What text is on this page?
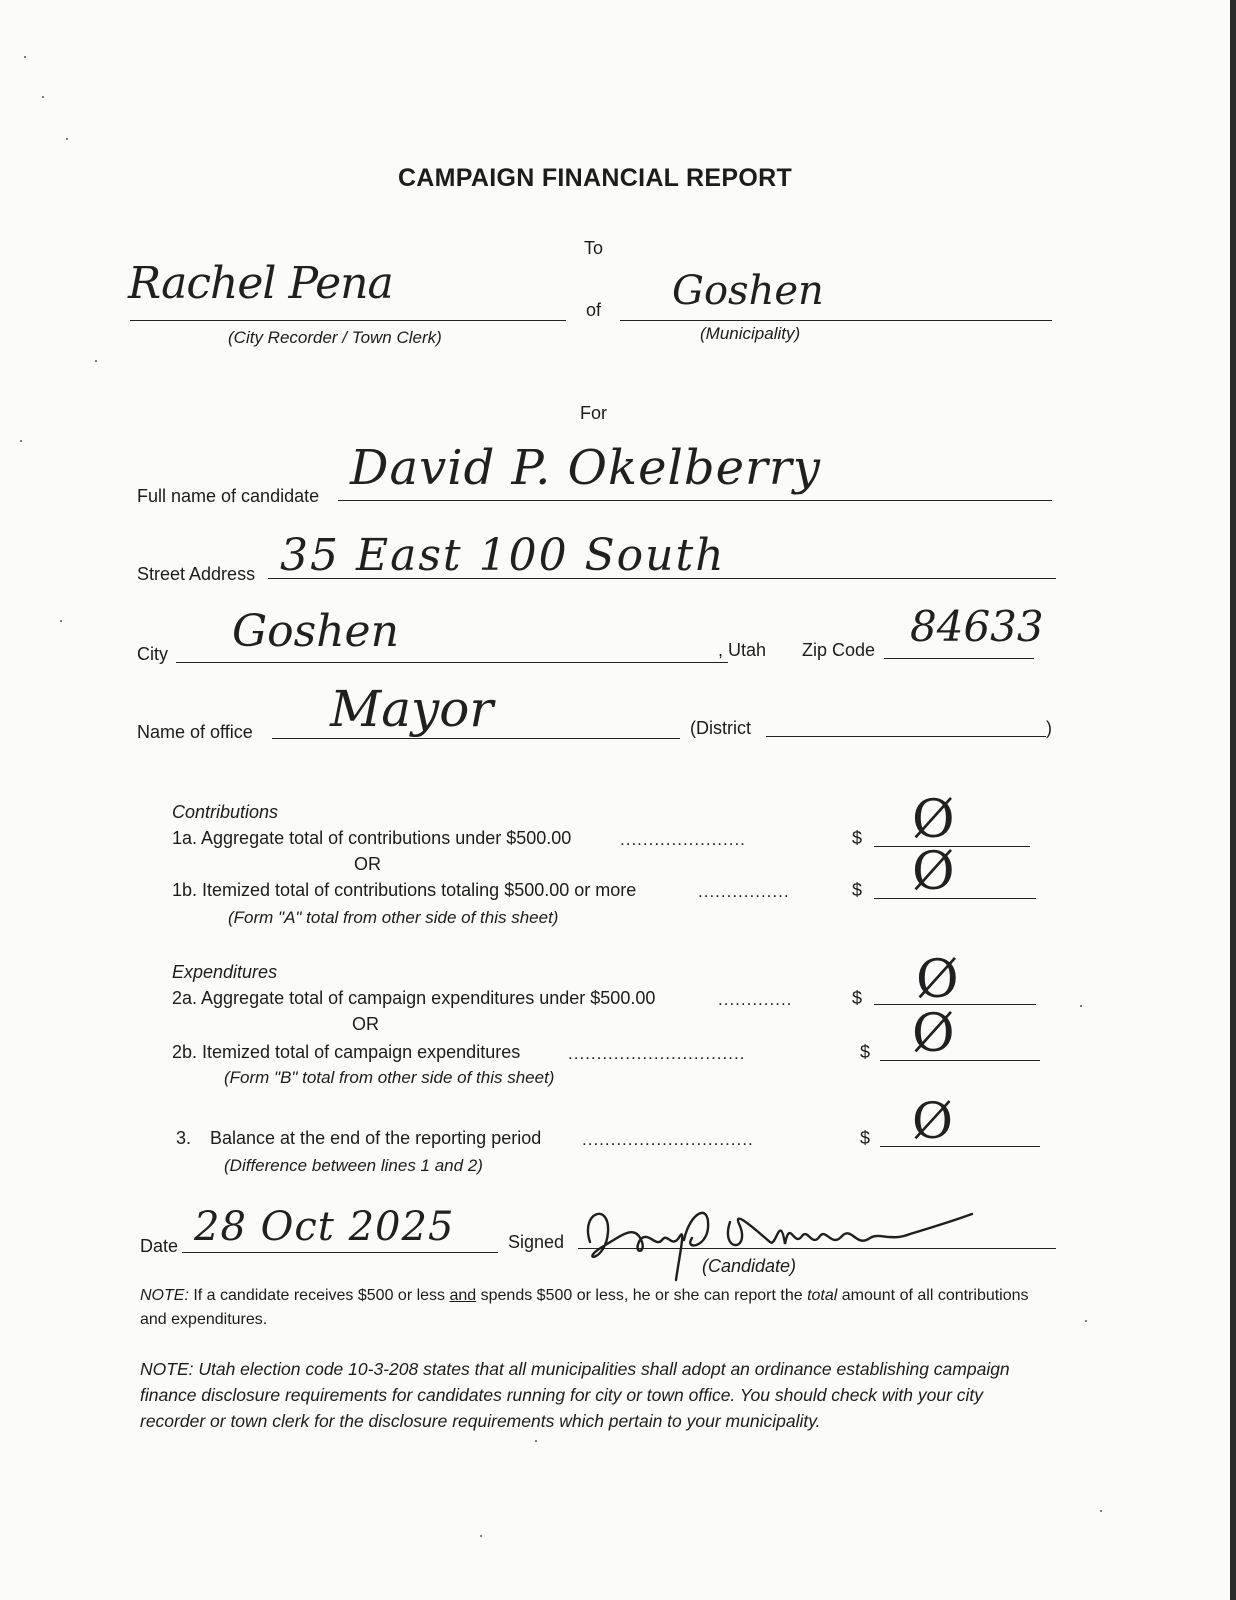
CAMPAIGN FINANCIAL REPORT
To
Rachel Pena
of Goshen
(City Recorder / Town Clerk)	(Municipality)
For
Full name of candidate David P. Okelberry
Street Address 35 East 100 South
City Goshen	, Utah Zip Code 84633
Name of office Mayor	(District	)
Contributions
1a. Aggregate total of contributions under $500.00	......................	$ Ø
OR
1b. Itemized total of contributions totaling $500.00 or more	................	$ Ø
(Form "A" total from other side of this sheet)
Expenditures
2a. Aggregate total of campaign expenditures under $500.00	.............	$ Ø
OR
2b. Itemized total of campaign expenditures	...............................	$ Ø
(Form "B" total from other side of this sheet)
3. Balance at the end of the reporting period ..............................	$ Ø
(Difference between lines 1 and 2)
Date 28 Oct 2025	Signed
(Candidate)
NOTE: If a candidate receives $500 or less and spends $500 or less, he or she can report the total amount of all contributions and expenditures.
NOTE: Utah election code 10-3-208 states that all municipalities shall adopt an ordinance establishing campaign finance disclosure requirements for candidates running for city or town office. You should check with your city recorder or town clerk for the disclosure requirements which pertain to your municipality.
